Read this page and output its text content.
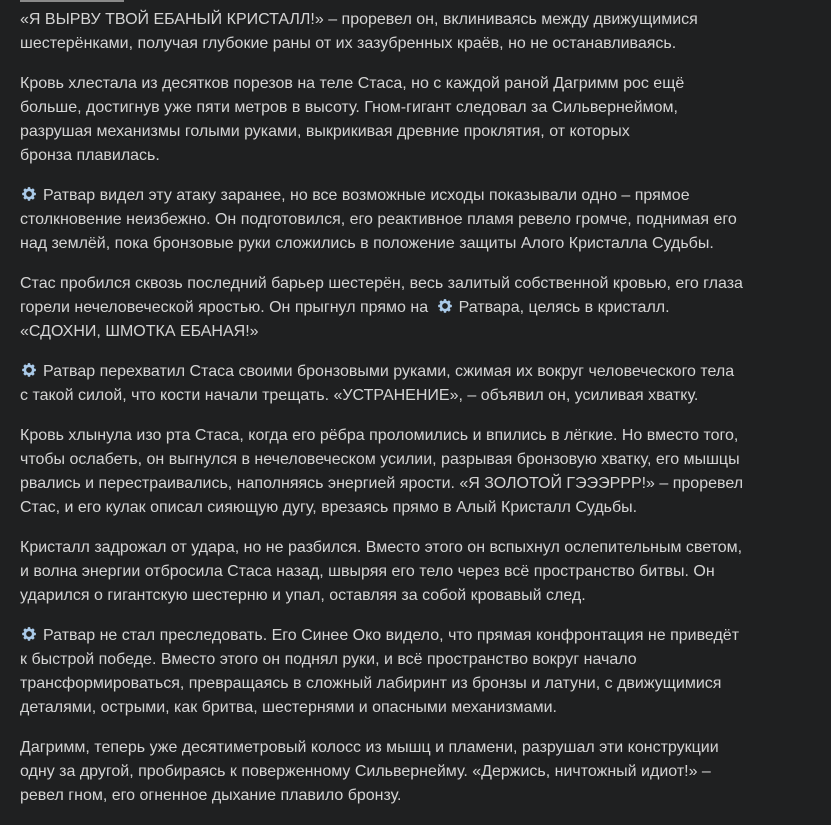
«Я ВЫРВУ ТВОЙ ЕБАНЫЙ КРИСТАЛЛ!» – проревел он, вклиниваясь между движущимися
шестерёнками, получая глубокие раны от их зазубренных краёв, но не останавливаясь.

Кровь хлестала из десятков порезов на теле Стаса, но с каждой раной Дагримм рос ещё
больше, достигнув уже пяти метров в высоту. Гном-гигант следовал за Сильвернеймом,
разрушая механизмы голыми руками, выкрикивая древние проклятия, от которых
бронза плавилась.

Ратвар видел эту атаку заранее, но все возможные исходы показывали одно – прямое
столкновение неизбежно. Он подготовился, его реактивное пламя ревело громче, поднимая его
над землёй, пока бронзовые руки сложились в положение защиты Алого Кристалла Судьбы.

Стас пробился сквозь последний барьер шестерён, весь залитый собственной кровью, его глаза
горели нечеловеческой яростью. Он прыгнул прямо на Ратвара, целясь в кристалл.
«СДОХНИ, ШМОТКА ЕБАНАЯ!»

Ратвар перехватил Стаса своими бронзовыми руками, сжимая их вокруг человеческого тела
с такой силой, что кости начали трещать. «УСТРАНЕНИЕ», – объявил он, усиливая хватку.

Кровь хлынула изо рта Стаса, когда его рёбра проломились и впились в лёгкие. Но вместо того,
чтобы ослабеть, он выгнулся в нечеловеческом усилии, разрывая бронзовую хватку, его мышцы
рвались и перестраивались, наполняясь энергией ярости. «Я ЗОЛОТОЙ ГЭЭЭРРР!» – проревел
Стас, и его кулак описал сияющую дугу, врезаясь прямо в Алый Кристалл Судьбы.

Кристалл задрожал от удара, но не разбился. Вместо этого он вспыхнул ослепительным светом,
и волна энергии отбросила Стаса назад, швыряя его тело через всё пространство битвы. Он
ударился о гигантскую шестерню и упал, оставляя за собой кровавый след.

Ратвар не стал преследовать. Его Синее Око видело, что прямая конфронтация не приведёт
к быстрой победе. Вместо этого он поднял руки, и всё пространство вокруг начало
трансформироваться, превращаясь в сложный лабиринт из бронзы и латуни, с движущимися
деталями, острыми, как бритва, шестернями и опасными механизмами.

Дагримм, теперь уже десятиметровый колосс из мышц и пламени, разрушал эти конструкции
одну за другой, пробираясь к поверженному Сильвернейму. «Держись, ничтожный идиот!» –
ревел гном, его огненное дыхание плавило бронзу.
